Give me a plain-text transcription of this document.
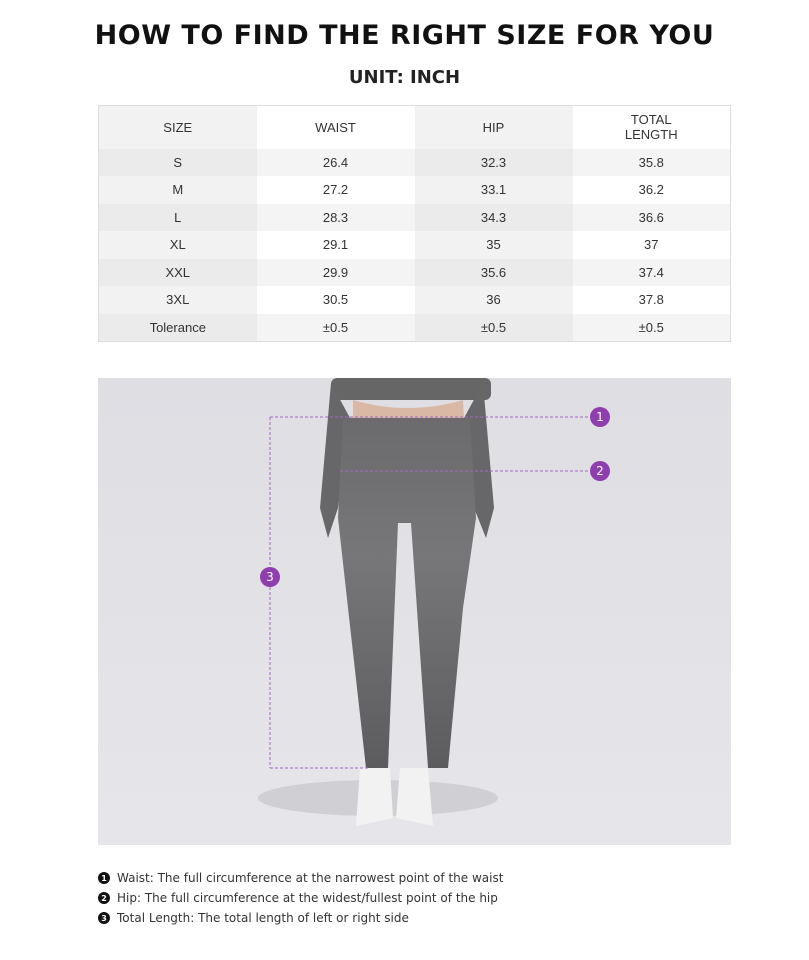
HOW TO FIND THE RIGHT SIZE FOR YOU
UNIT: INCH
SIZE	WAIST	HIP	TOTAL
LENGTH
S	26.4	32.3	35.8
M	27.2	33.1	36.2
L	28.3	34.3	36.6
XL	29.1	35	37
XXL	29.9	35.6	37.4
3XL	30.5	36	37.8
Tolerance	±0.5	±0.5	±0.5
1
2
3
1 Waist: The full circumference at the narrowest point of the waist
2 Hip: The full circumference at the widest/fullest point of the hip
3 Total Length: The total length of left or right side
